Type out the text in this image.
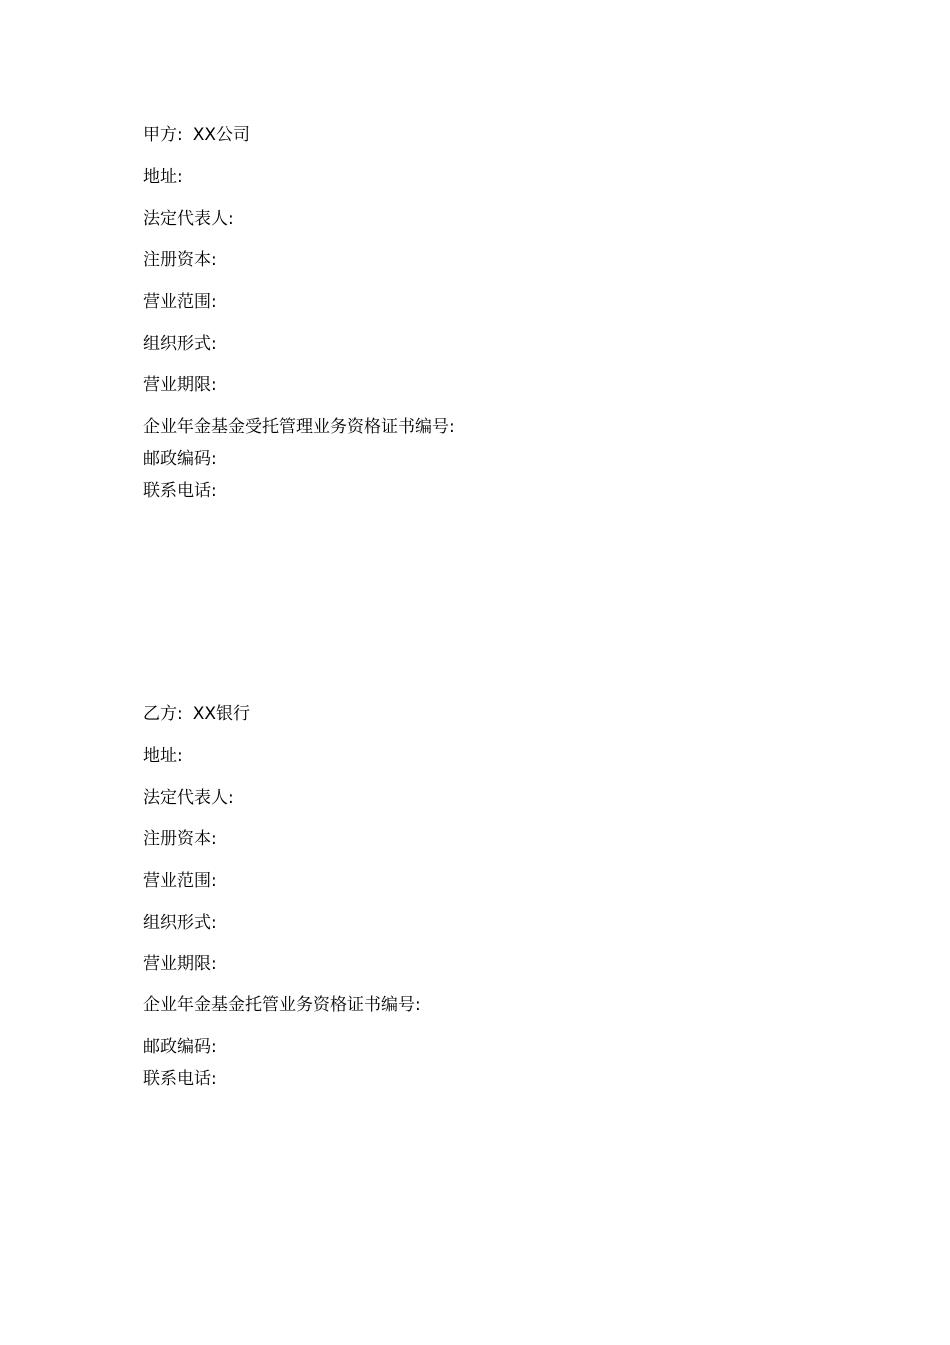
甲方: XX公司
地址:
法定代表人:
注册资本:
营业范围:
组织形式:
营业期限:
企业年金基金受托管理业务资格证书编号:
邮政编码:
联系电话:
乙方: XX银行
地址:
法定代表人:
注册资本:
营业范围:
组织形式:
营业期限:
企业年金基金托管业务资格证书编号:
邮政编码:
联系电话:
